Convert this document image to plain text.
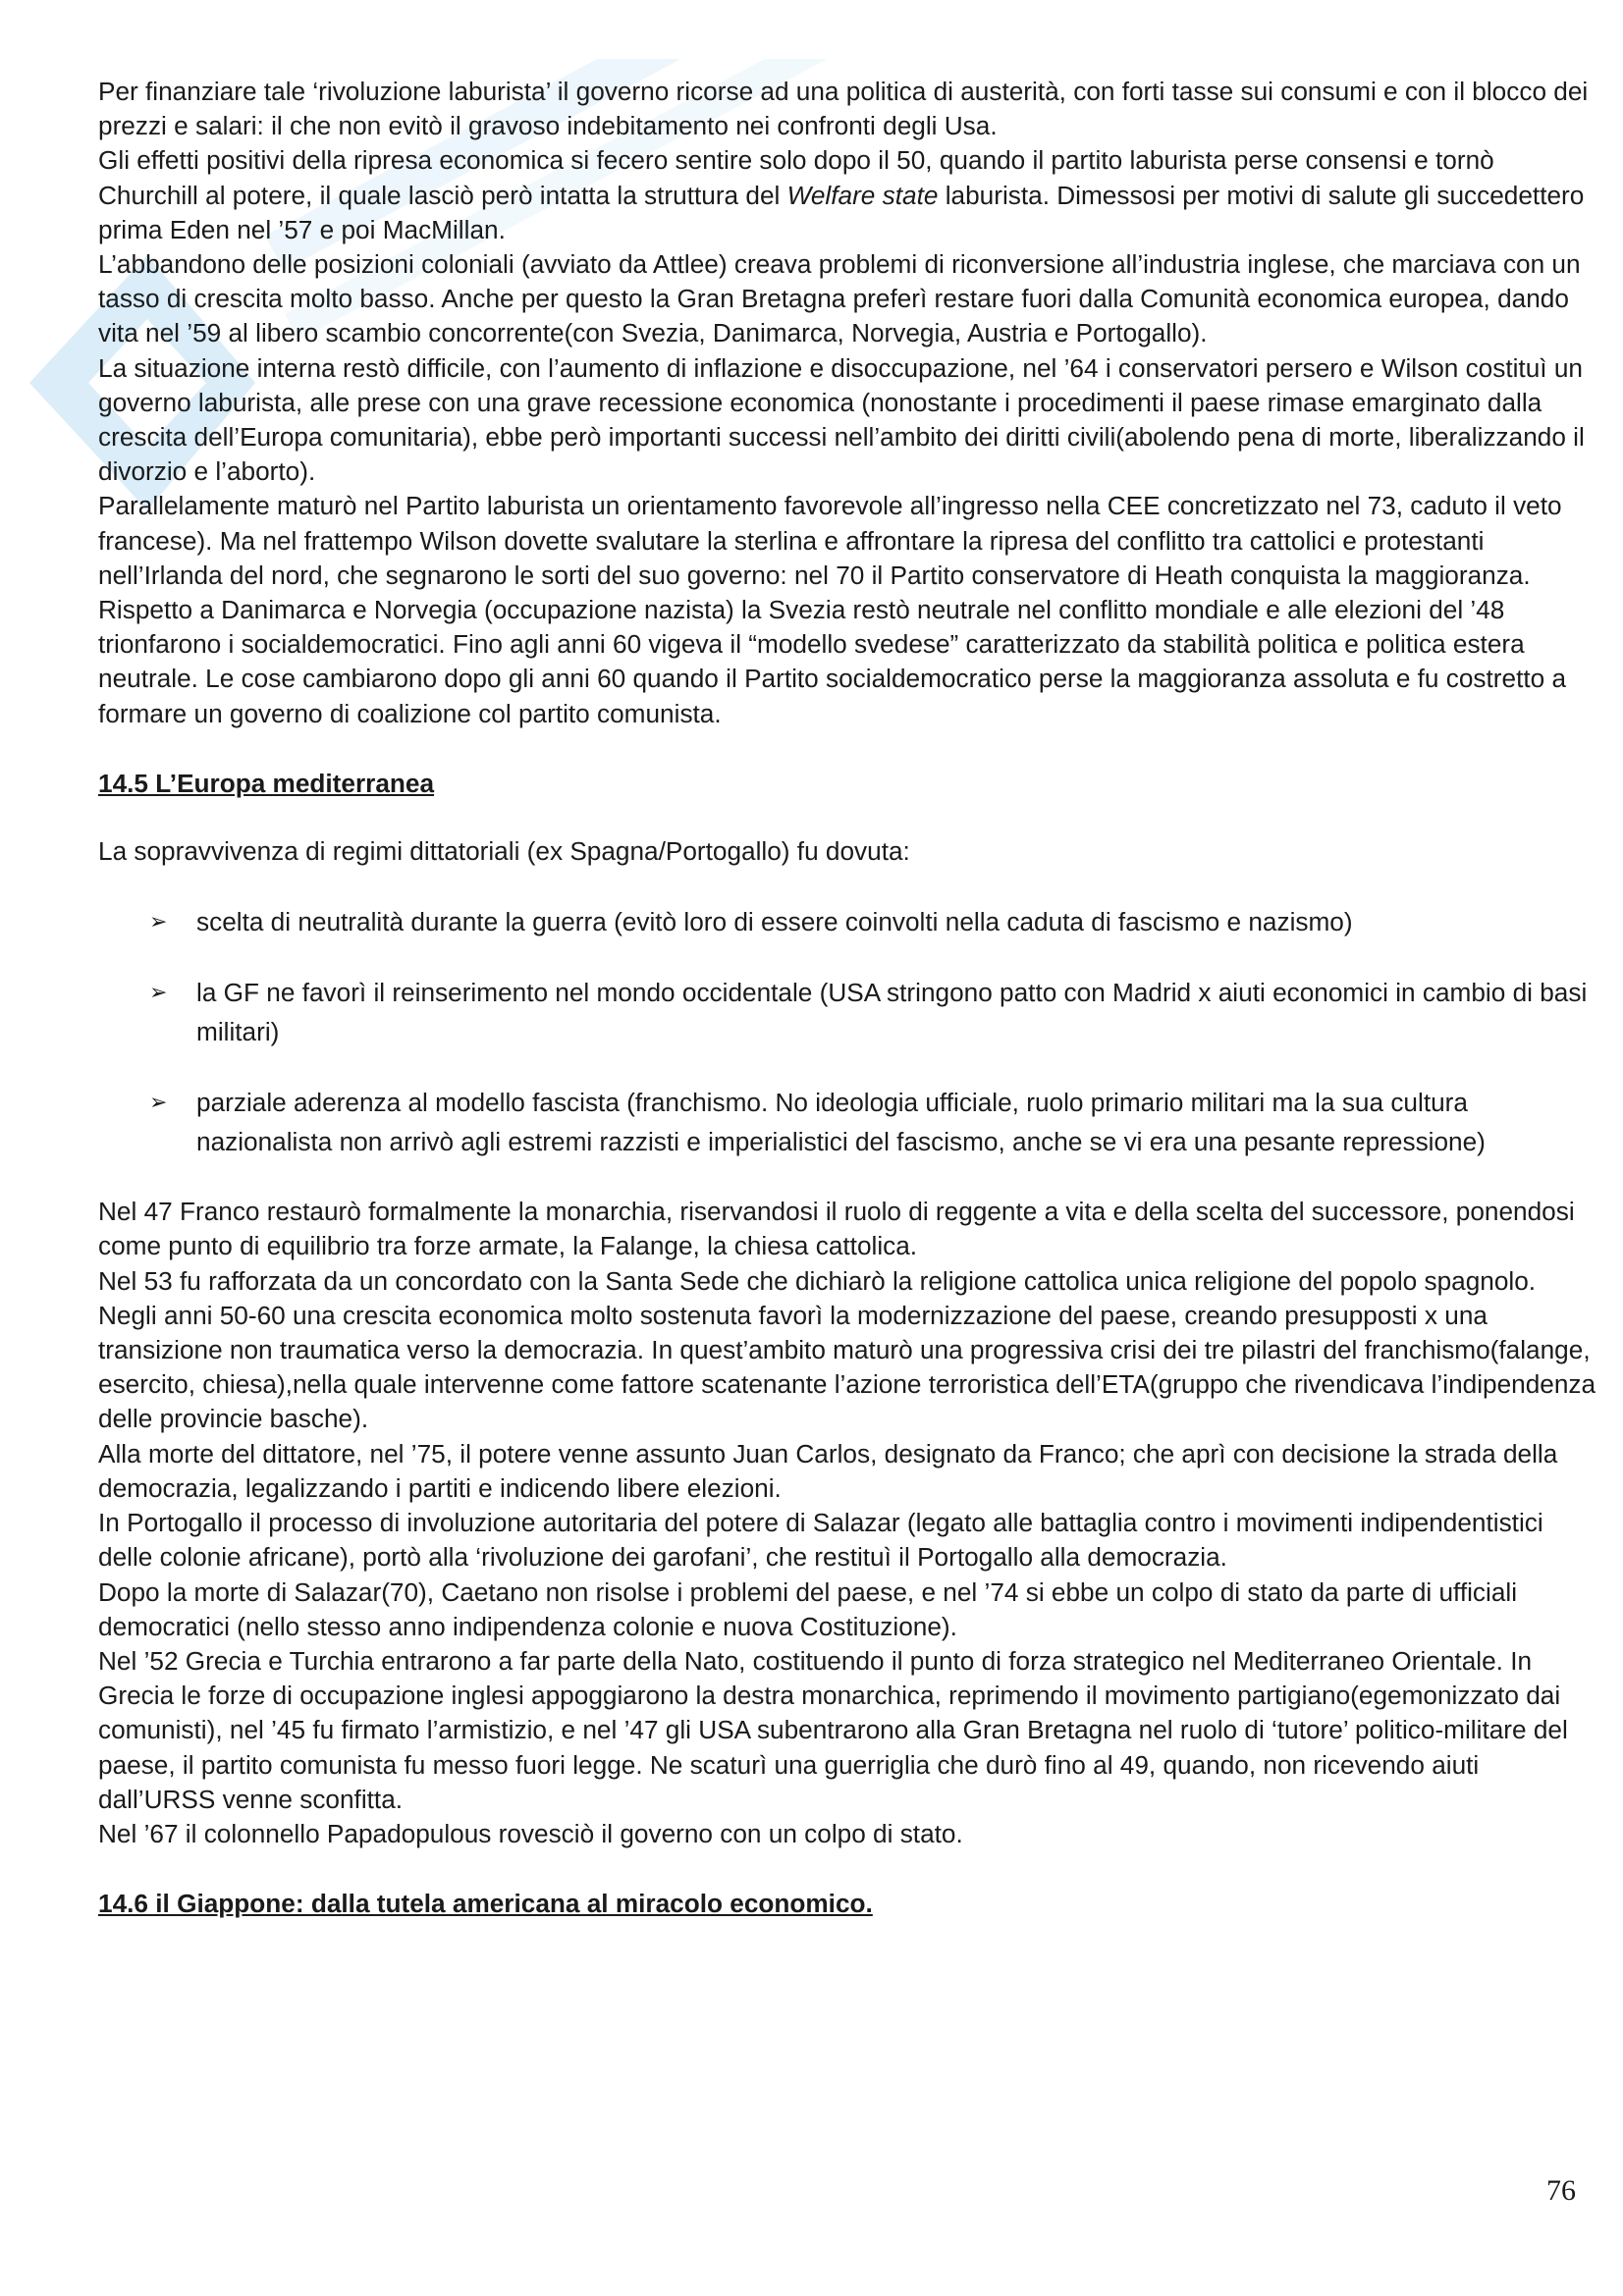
Per finanziare tale ‘rivoluzione laburista’ il governo ricorse ad una politica di austerità, con forti tasse sui consumi e con il blocco dei prezzi e salari: il che non evitò il gravoso indebitamento nei confronti degli Usa.

Gli effetti positivi della ripresa economica si fecero sentire solo dopo il 50, quando il partito laburista perse consensi e tornò Churchill al potere, il quale lasciò però intatta la struttura del Welfare state laburista. Dimessosi per motivi di salute gli succedettero prima Eden nel ’57 e poi MacMillan.

L’abbandono delle posizioni coloniali (avviato da Attlee) creava problemi di riconversione all’industria inglese, che marciava con un tasso di crescita molto basso. Anche per questo la Gran Bretagna preferì restare fuori dalla Comunità economica europea, dando vita nel ’59 al libero scambio concorrente(con Svezia, Danimarca, Norvegia, Austria e Portogallo).

La situazione interna restò difficile, con l’aumento di inflazione e disoccupazione, nel ’64 i conservatori persero e Wilson costituì un governo laburista, alle prese con una grave recessione economica (nonostante i procedimenti il paese rimase emarginato dalla crescita dell’Europa comunitaria), ebbe però importanti successi nell’ambito dei diritti civili(abolendo pena di morte, liberalizzando il divorzio e l’aborto).

Parallelamente maturò nel Partito laburista un orientamento favorevole all’ingresso nella CEE concretizzato nel 73, caduto il veto francese). Ma nel frattempo Wilson dovette svalutare la sterlina e affrontare la ripresa del conflitto tra cattolici e protestanti nell’Irlanda del nord, che segnarono le sorti del suo governo: nel 70 il Partito conservatore di Heath conquista la maggioranza.

Rispetto a Danimarca e Norvegia (occupazione nazista) la Svezia restò neutrale nel conflitto mondiale e alle elezioni del ’48 trionfarono i socialdemocratici. Fino agli anni 60 vigeva il “modello svedese” caratterizzato da stabilità politica e politica estera neutrale. Le cose cambiarono dopo gli anni 60 quando il Partito socialdemocratico perse la maggioranza assoluta e fu costretto a formare un governo di coalizione col partito comunista.

14.5 L’Europa mediterranea

La sopravvivenza di regimi dittatoriali (ex Spagna/Portogallo) fu dovuta:

➢ scelta di neutralità durante la guerra (evitò loro di essere coinvolti nella caduta di fascismo e nazismo)
➢ la GF ne favorì il reinserimento nel mondo occidentale (USA stringono patto con Madrid x aiuti economici in cambio di basi militari)
➢ parziale aderenza al modello fascista (franchismo. No ideologia ufficiale, ruolo primario militari ma la sua cultura nazionalista non arrivò agli estremi razzisti e imperialistici del fascismo, anche se vi era una pesante repressione)

Nel 47 Franco restaurò formalmente la monarchia, riservandosi il ruolo di reggente a vita e della scelta del successore, ponendosi come punto di equilibrio tra forze armate, la Falange, la chiesa cattolica.

Nel 53 fu rafforzata da un concordato con la Santa Sede che dichiarò la religione cattolica unica religione del popolo spagnolo.

Negli anni 50-60 una crescita economica molto sostenuta favorì la modernizzazione del paese, creando presupposti x una transizione non traumatica verso la democrazia. In quest’ambito maturò una progressiva crisi dei tre pilastri del franchismo(falange, esercito, chiesa),nella quale intervenne come fattore scatenante l’azione terroristica dell’ETA(gruppo che rivendicava l’indipendenza delle provincie basche).

Alla morte del dittatore, nel ’75, il potere venne assunto Juan Carlos, designato da Franco; che aprì con decisione la strada della democrazia, legalizzando i partiti e indicendo libere elezioni.

In Portogallo il processo di involuzione autoritaria del potere di Salazar (legato alle battaglia contro i movimenti indipendentistici delle colonie africane), portò alla ‘rivoluzione dei garofani’, che restituì il Portogallo alla democrazia.

Dopo la morte di Salazar(70), Caetano non risolse i problemi del paese, e nel ’74 si ebbe un colpo di stato da parte di ufficiali democratici (nello stesso anno indipendenza colonie e nuova Costituzione).

Nel ’52 Grecia e Turchia entrarono a far parte della Nato, costituendo il punto di forza strategico nel Mediterraneo Orientale. In Grecia le forze di occupazione inglesi appoggiarono la destra monarchica, reprimendo il movimento partigiano(egemonizzato dai comunisti), nel ’45 fu firmato l’armistizio, e nel ’47 gli USA subentrarono alla Gran Bretagna nel ruolo di ‘tutore’ politico-militare del paese, il partito comunista fu messo fuori legge. Ne scaturì una guerriglia che durò fino al 49, quando, non ricevendo aiuti dall’URSS venne sconfitta.

Nel ’67 il colonnello Papadopulous rovesciò il governo con un colpo di stato.

14.6 il Giappone: dalla tutela americana al miracolo economico.

76
